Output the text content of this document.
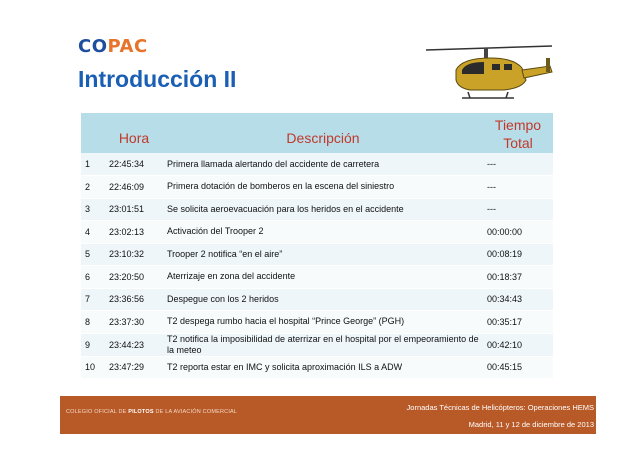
COPAC
Introducción II
	Hora	Descripción	Tiempo Total
1	22:45:34	Primera llamada alertando del accidente de carretera	---
2	22:46:09	Primera dotación de bomberos en la escena del siniestro	---
3	23:01:51	Se solicita aeroevacuación para los heridos en el accidente	---
4	23:02:13	Activación del Trooper 2	00:00:00
5	23:10:32	Trooper 2 notifica “en el aire”	00:08:19
6	23:20:50	Aterrizaje en zona del accidente	00:18:37
7	23:36:56	Despegue con los 2 heridos	00:34:43
8	23:37:30	T2 despega rumbo hacia el hospital “Prince George” (PGH)	00:35:17
9	23:44:23	T2 notifica la imposibilidad de aterrizar en el hospital por el empeoramiento de la meteo	00:42:10
10	23:47:29	T2 reporta estar en IMC y solicita aproximación ILS a ADW	00:45:15
COLEGIO OFICIAL DE PILOTOS DE LA AVIACIÓN COMERCIAL	Jornadas Técnicas de Helicópteros: Operaciones HEMS
Madrid, 11 y 12 de diciembre de 2013
